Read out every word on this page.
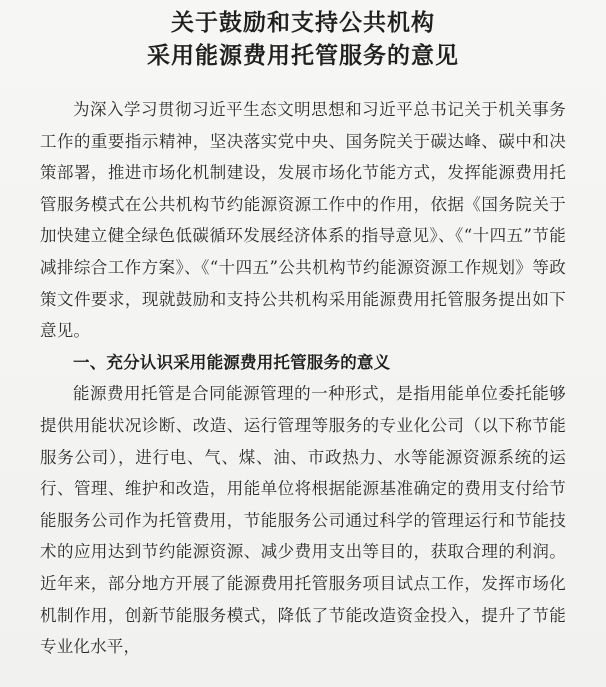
关于鼓励和支持公共机构
采用能源费用托管服务的意见

为深入学习贯彻习近平生态文明思想和习近平总书记关于机关事务工作的重要指示精神，坚决落实党中央、国务院关于碳达峰、碳中和决策部署，推进市场化机制建设，发展市场化节能方式，发挥能源费用托管服务模式在公共机构节约能源资源工作中的作用，依据《国务院关于加快建立健全绿色低碳循环发展经济体系的指导意见》、《“十四五”节能减排综合工作方案》、《“十四五”公共机构节约能源资源工作规划》等政策文件要求，现就鼓励和支持公共机构采用能源费用托管服务提出如下意见。

一、充分认识采用能源费用托管服务的意义

能源费用托管是合同能源管理的一种形式，是指用能单位委托能够提供用能状况诊断、改造、运行管理等服务的专业化公司（以下称节能服务公司），进行电、气、煤、油、市政热力、水等能源资源系统的运行、管理、维护和改造，用能单位将根据能源基准确定的费用支付给节能服务公司作为托管费用，节能服务公司通过科学的管理运行和节能技术的应用达到节约能源资源、减少费用支出等目的，获取合理的利润。近年来，部分地方开展了能源费用托管服务项目试点工作，发挥市场化机制作用，创新节能服务模式，降低了节能改造资金投入，提升了节能专业化水平，
